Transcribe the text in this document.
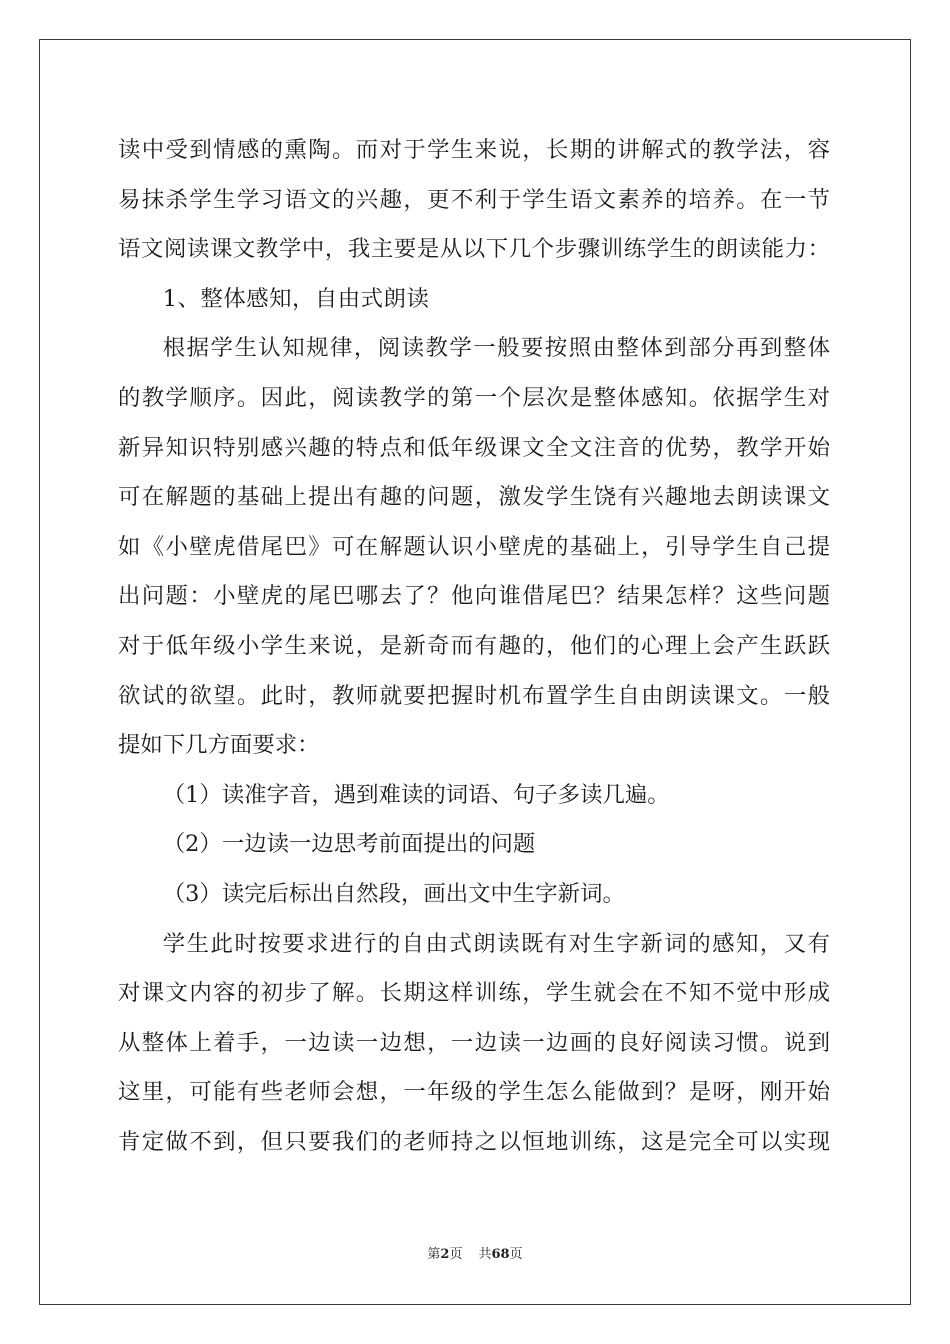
读中受到情感的熏陶。而对于学生来说，长期的讲解式的教学法，容
易抹杀学生学习语文的兴趣，更不利于学生语文素养的培养。在一节
语文阅读课文教学中，我主要是从以下几个步骤训练学生的朗读能力：
1、整体感知，自由式朗读
根据学生认知规律，阅读教学一般要按照由整体到部分再到整体
的教学顺序。因此，阅读教学的第一个层次是整体感知。依据学生对
新异知识特别感兴趣的特点和低年级课文全文注音的优势，教学开始
可在解题的基础上提出有趣的问题，激发学生饶有兴趣地去朗读课文
如《小壁虎借尾巴》可在解题认识小壁虎的基础上，引导学生自己提
出问题：小壁虎的尾巴哪去了？他向谁借尾巴？结果怎样？这些问题
对于低年级小学生来说，是新奇而有趣的，他们的心理上会产生跃跃
欲试的欲望。此时，教师就要把握时机布置学生自由朗读课文。一般
提如下几方面要求：
（1）读准字音，遇到难读的词语、句子多读几遍。
（2）一边读一边思考前面提出的问题
（3）读完后标出自然段，画出文中生字新词。
学生此时按要求进行的自由式朗读既有对生字新词的感知，又有
对课文内容的初步了解。长期这样训练，学生就会在不知不觉中形成
从整体上着手，一边读一边想，一边读一边画的良好阅读习惯。说到
这里，可能有些老师会想，一年级的学生怎么能做到？是呀，刚开始
肯定做不到，但只要我们的老师持之以恒地训练，这是完全可以实现
第2页 共68页
